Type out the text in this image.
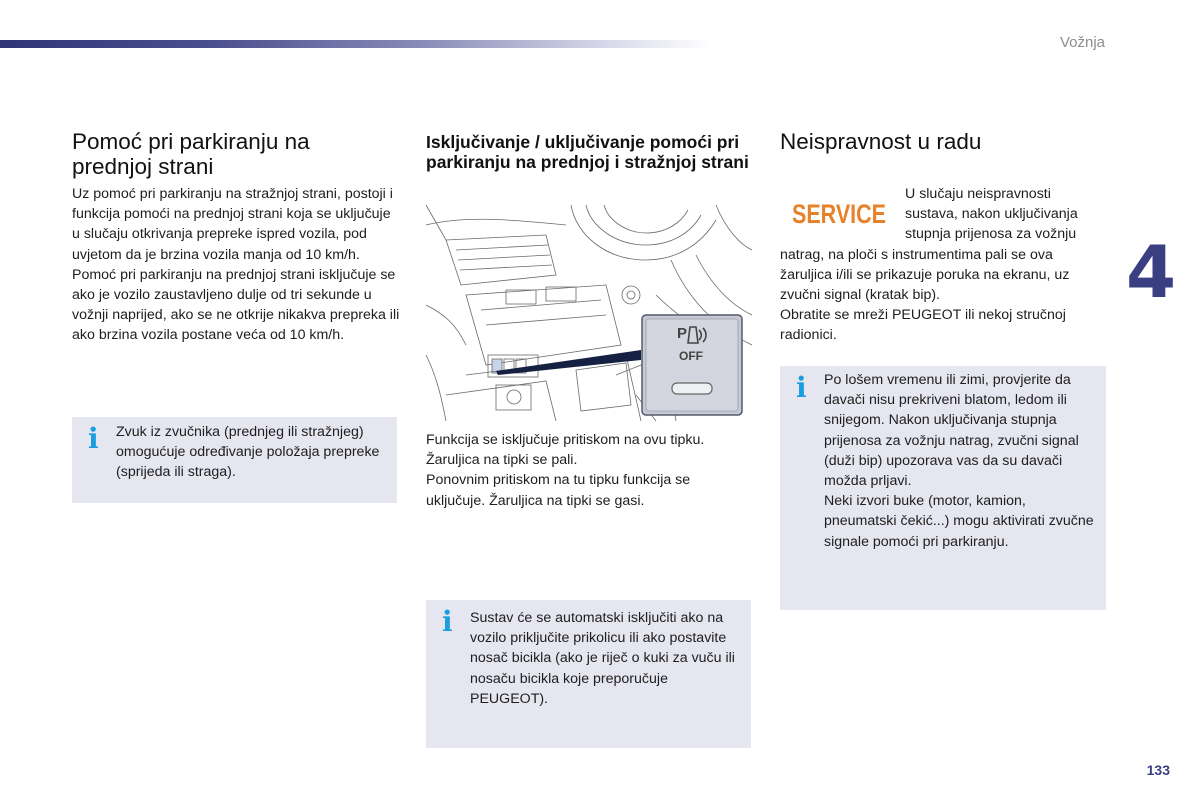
Vožnja
4
133
Pomoć pri parkiranju na prednjoj strani

Uz pomoć pri parkiranju na stražnjoj strani, postoji i funkcija pomoći na prednjoj strani koja se uključuje u slučaju otkrivanja prepreke ispred vozila, pod uvjetom da je brzina vozila manja od 10 km/h.

Pomoć pri parkiranju na prednjoj strani isključuje se ako je vozilo zaustavljeno dulje od tri sekunde u vožnji naprijed, ako se ne otkrije nikakva prepreka ili ako brzina vozila postane veća od 10 km/h.

i Zvuk iz zvučnika (prednjeg ili stražnjeg) omogućuje određivanje položaja prepreke (sprijeda ili straga).

Isključivanje / uključivanje pomoći pri parkiranju na prednjoj i stražnjoj strani
P
OFF

Funkcija se isključuje pritiskom na ovu tipku.

Žaruljica na tipki se pali.

Ponovnim pritiskom na tu tipku funkcija se uključuje. Žaruljica na tipki se gasi.

i Sustav će se automatski isključiti ako na vozilo priključite prikolicu ili ako postavite nosač bicikla (ako je riječ o kuki za vuču ili nosaču bicikla koje preporučuje PEUGEOT).

Neispravnost u radu
SERVICE

U slučaju neispravnosti sustava, nakon uključivanja stupnja prijenosa za vožnju natrag, na ploči s instrumentima pali se ova žaruljica i/ili se prikazuje poruka na ekranu, uz zvučni signal (kratak bip).

Obratite se mreži PEUGEOT ili nekoj stručnoj radionici.

i Po lošem vremenu ili zimi, provjerite da davači nisu prekriveni blatom, ledom ili snijegom. Nakon uključivanja stupnja prijenosa za vožnju natrag, zvučni signal (duži bip) upozorava vas da su davači možda prljavi.

Neki izvori buke (motor, kamion, pneumatski čekić...) mogu aktivirati zvučne signale pomoći pri parkiranju.
